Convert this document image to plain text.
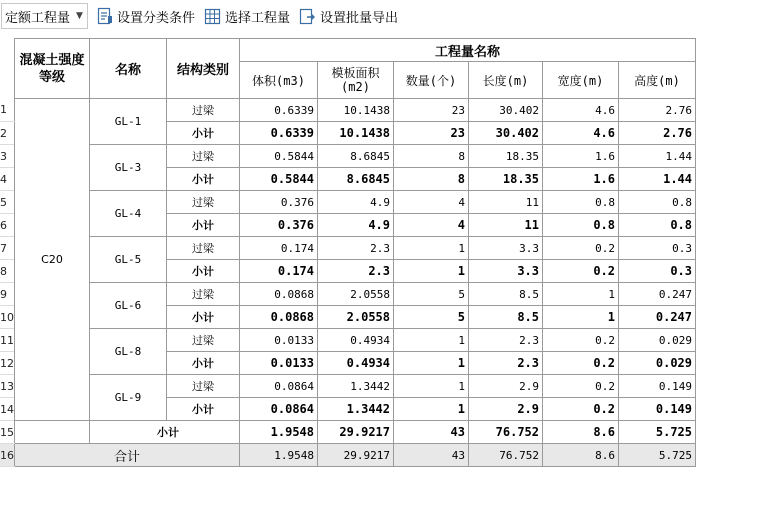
定额工程量 ▼	设置分类条件 选择工程量 设置批量导出
	混凝土强度等级	名称	结构类别	工程量名称					
				体积(m3)	模板面积(m2)	数量(个)	长度(m)	宽度(m)	高度(m)
1	C20	GL-1	过梁	0.6339	10.1438	23	30.402	4.6	2.76
2			小计	0.6339	10.1438	23	30.402	4.6	2.76
3		GL-3	过梁	0.5844	8.6845	8	18.35	1.6	1.44
4			小计	0.5844	8.6845	8	18.35	1.6	1.44
5		GL-4	过梁	0.376	4.9	4	11	0.8	0.8
6			小计	0.376	4.9	4	11	0.8	0.8
7		GL-5	过梁	0.174	2.3	1	3.3	0.2	0.3
8			小计	0.174	2.3	1	3.3	0.2	0.3
9		GL-6	过梁	0.0868	2.0558	5	8.5	1	0.247
10			小计	0.0868	2.0558	5	8.5	1	0.247
11		GL-8	过梁	0.0133	0.4934	1	2.3	0.2	0.029
12			小计	0.0133	0.4934	1	2.3	0.2	0.029
13		GL-9	过梁	0.0864	1.3442	1	2.9	0.2	0.149
14			小计	0.0864	1.3442	1	2.9	0.2	0.149
15		小计		1.9548	29.9217	43	76.752	8.6	5.725
16	合计			1.9548	29.9217	43	76.752	8.6	5.725
